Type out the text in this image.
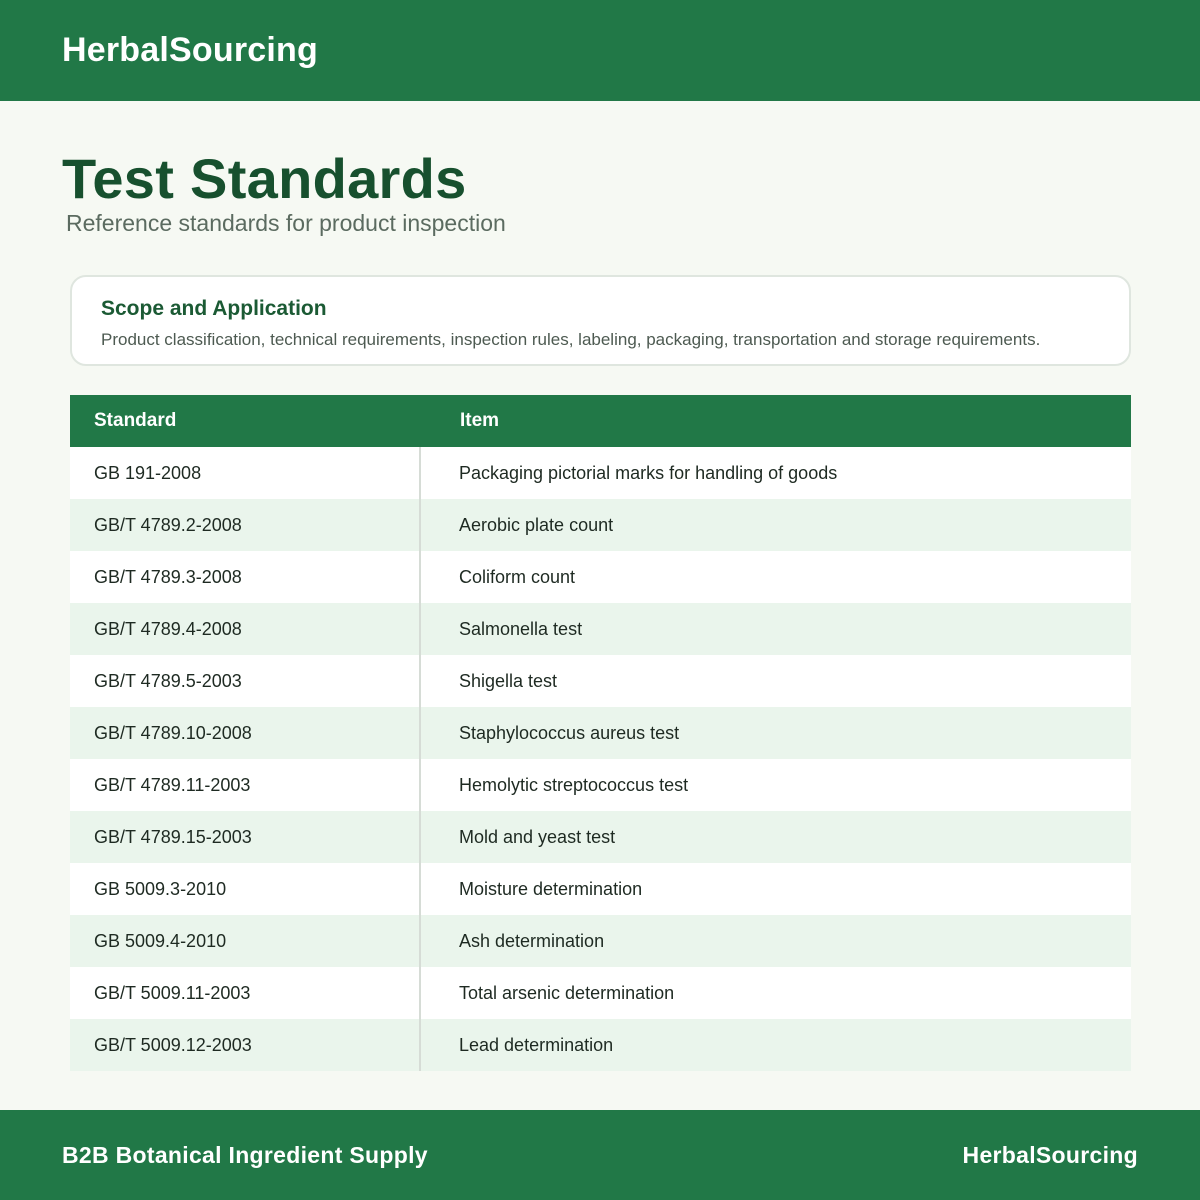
HerbalSourcing
Test Standards
Reference standards for product inspection
Scope and Application
Product classification, technical requirements, inspection rules, labeling, packaging, transportation and storage requirements.
Standard	Item
GB 191-2008	Packaging pictorial marks for handling of goods
GB/T 4789.2-2008	Aerobic plate count
GB/T 4789.3-2008	Coliform count
GB/T 4789.4-2008	Salmonella test
GB/T 4789.5-2003	Shigella test
GB/T 4789.10-2008	Staphylococcus aureus test
GB/T 4789.11-2003	Hemolytic streptococcus test
GB/T 4789.15-2003	Mold and yeast test
GB 5009.3-2010	Moisture determination
GB 5009.4-2010	Ash determination
GB/T 5009.11-2003	Total arsenic determination
GB/T 5009.12-2003	Lead determination
B2B Botanical Ingredient Supply	HerbalSourcing
